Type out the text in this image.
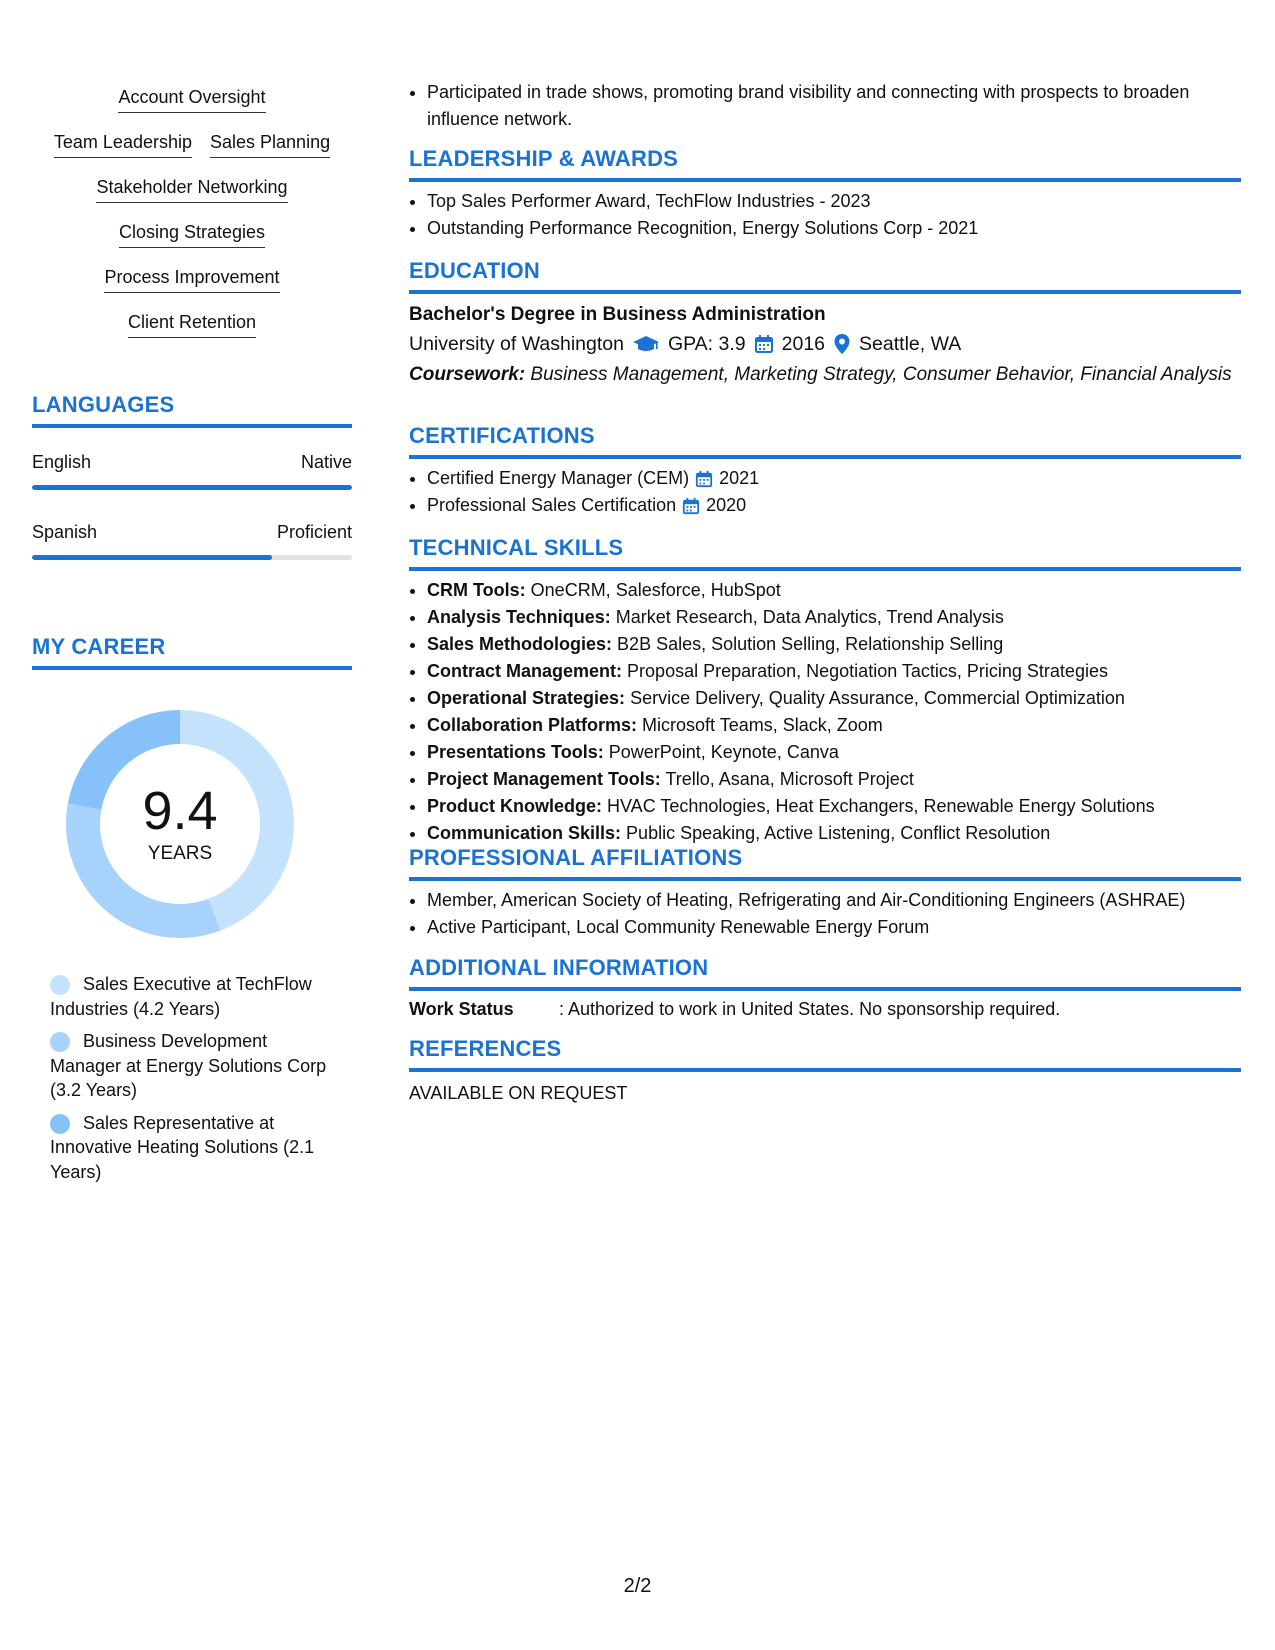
Account Oversight
Team Leadership Sales Planning
Stakeholder Networking
Closing Strategies
Process Improvement
Client Retention
LANGUAGES
English	Native
Spanish	Proficient
MY CAREER
9.4
YEARS
Sales Executive at TechFlow Industries (4.2 Years)
Business Development Manager at Energy Solutions Corp (3.2 Years)
Sales Representative at Innovative Heating Solutions (2.1 Years)
• Participated in trade shows, promoting brand visibility and connecting with prospects to broaden influence network.
LEADERSHIP & AWARDS
• Top Sales Performer Award, TechFlow Industries - 2023
• Outstanding Performance Recognition, Energy Solutions Corp - 2021
EDUCATION
Bachelor's Degree in Business Administration
University of Washington GPA: 3.9 2016 Seattle, WA
Coursework: Business Management, Marketing Strategy, Consumer Behavior, Financial Analysis
CERTIFICATIONS
• Certified Energy Manager (CEM) 2021
• Professional Sales Certification 2020
TECHNICAL SKILLS
• CRM Tools: OneCRM, Salesforce, HubSpot
• Analysis Techniques: Market Research, Data Analytics, Trend Analysis
• Sales Methodologies: B2B Sales, Solution Selling, Relationship Selling
• Contract Management: Proposal Preparation, Negotiation Tactics, Pricing Strategies
• Operational Strategies: Service Delivery, Quality Assurance, Commercial Optimization
• Collaboration Platforms: Microsoft Teams, Slack, Zoom
• Presentations Tools: PowerPoint, Keynote, Canva
• Project Management Tools: Trello, Asana, Microsoft Project
• Product Knowledge: HVAC Technologies, Heat Exchangers, Renewable Energy Solutions
• Communication Skills: Public Speaking, Active Listening, Conflict Resolution
PROFESSIONAL AFFILIATIONS
• Member, American Society of Heating, Refrigerating and Air-Conditioning Engineers (ASHRAE)
• Active Participant, Local Community Renewable Energy Forum
ADDITIONAL INFORMATION
Work Status	: Authorized to work in United States. No sponsorship required.
REFERENCES
AVAILABLE ON REQUEST
2/2
